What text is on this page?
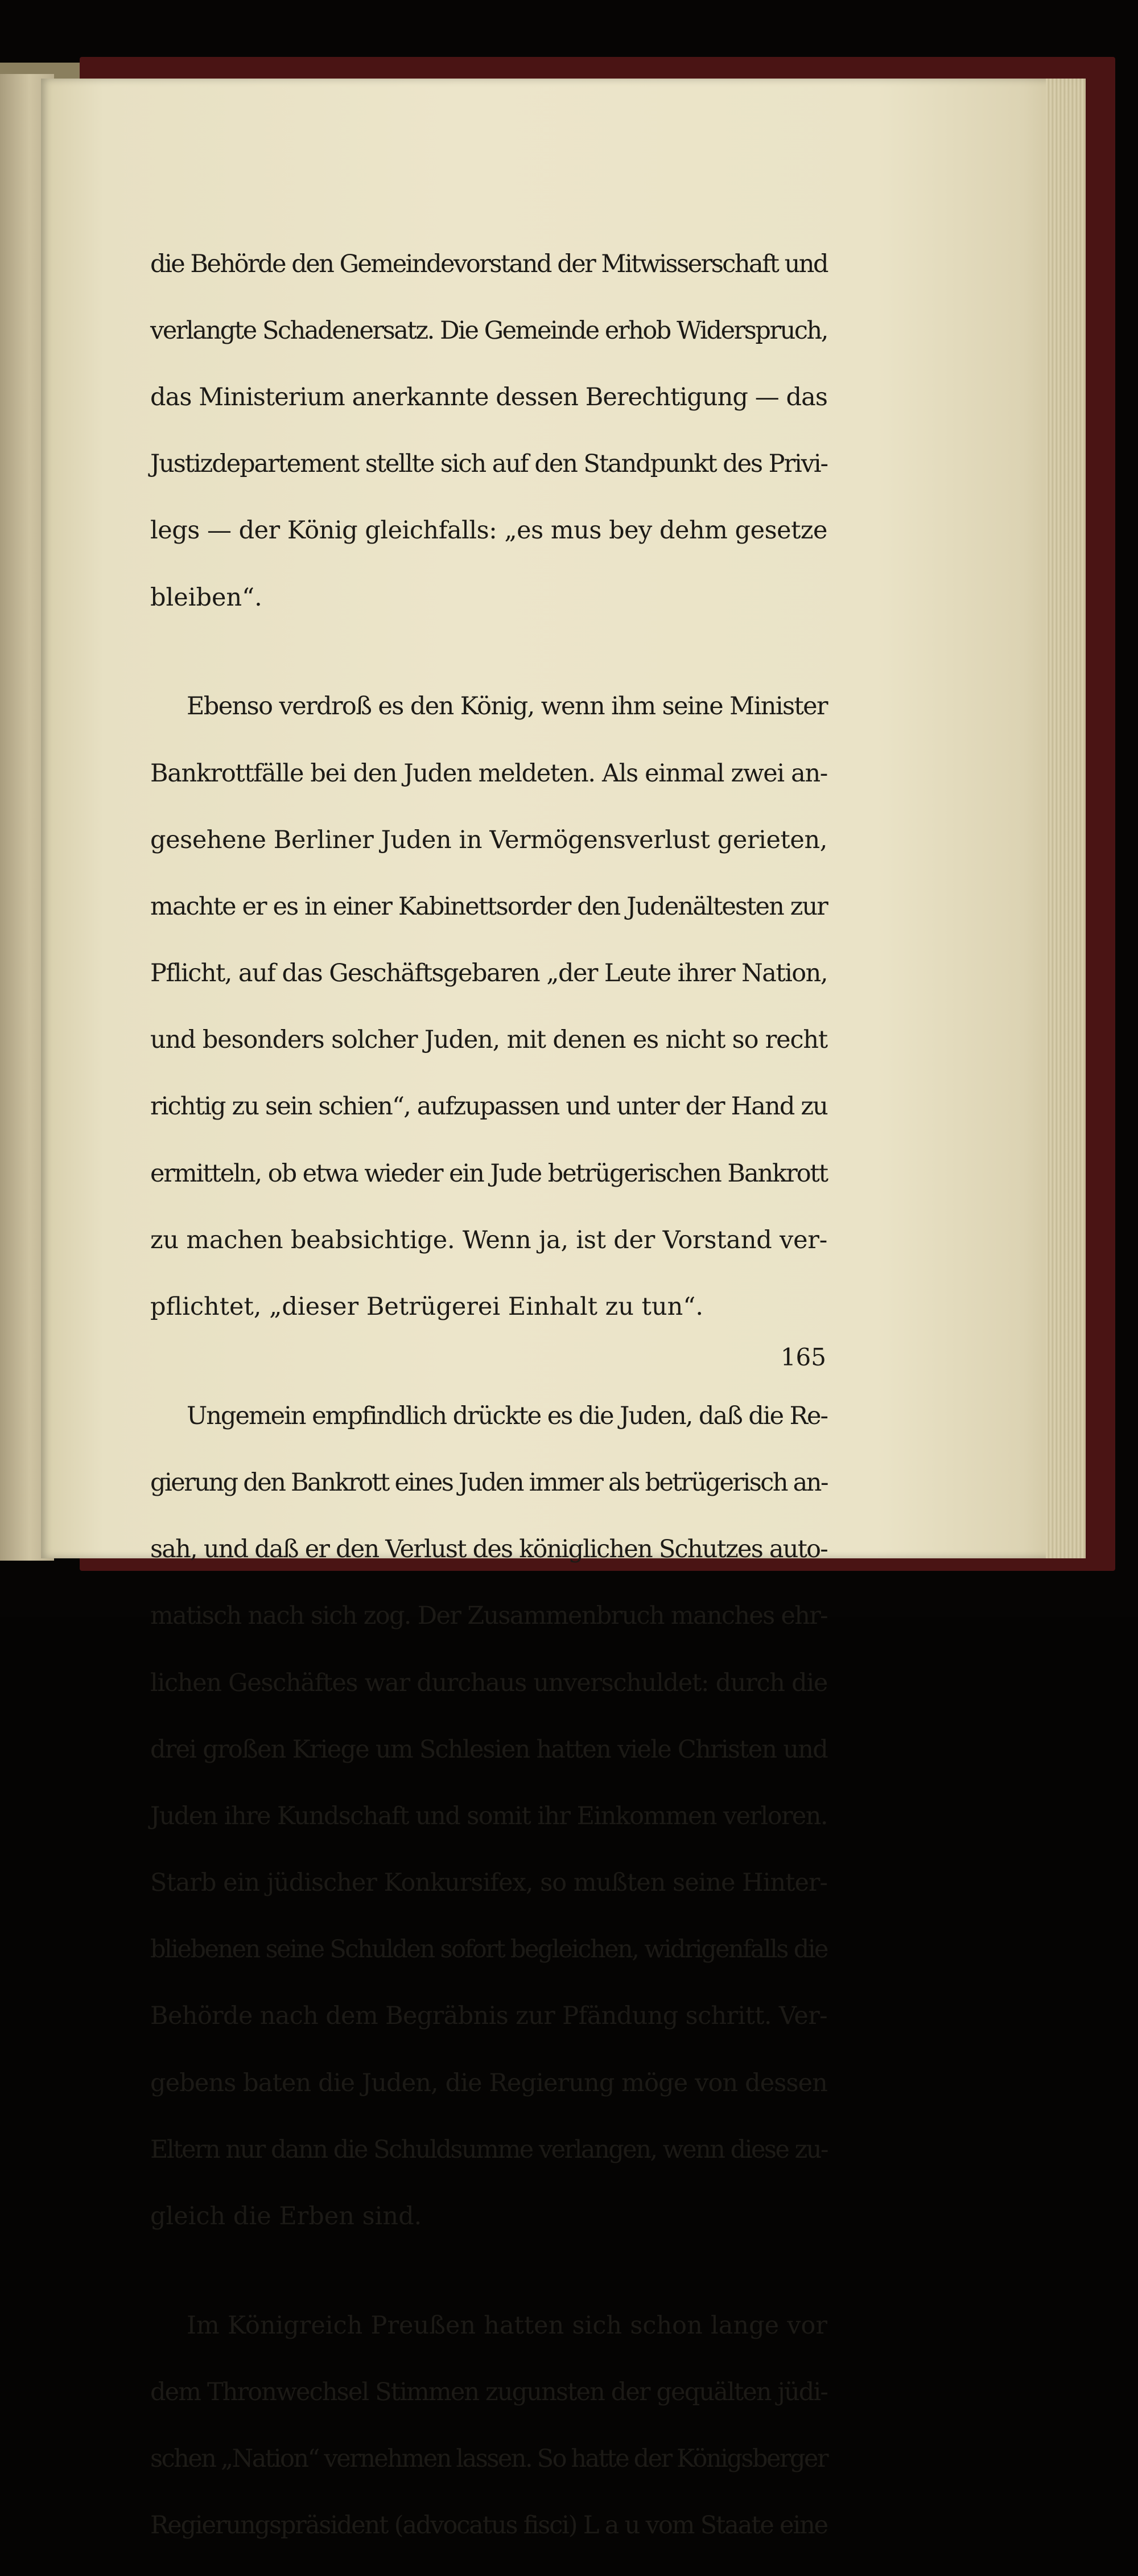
die Behörde den Gemeindevorstand der Mitwisserschaft und

verlangte Schadenersatz. Die Gemeinde erhob Widerspruch,

das Ministerium anerkannte dessen Berechtigung — das

Justizdepartement stellte sich auf den Standpunkt des Privi-

legs — der König gleichfalls: „es mus bey dehm gesetze

bleiben“.

Ebenso verdroß es den König, wenn ihm seine Minister

Bankrottfälle bei den Juden meldeten. Als einmal zwei an-

gesehene Berliner Juden in Vermögensverlust gerieten,

machte er es in einer Kabinettsorder den Judenältesten zur

Pflicht, auf das Geschäftsgebaren „der Leute ihrer Nation,

und besonders solcher Juden, mit denen es nicht so recht

richtig zu sein schien“, aufzupassen und unter der Hand zu

ermitteln, ob etwa wieder ein Jude betrügerischen Bankrott

zu machen beabsichtige. Wenn ja, ist der Vorstand ver-

pflichtet, „dieser Betrügerei Einhalt zu tun“.

Ungemein empfindlich drückte es die Juden, daß die Re-

gierung den Bankrott eines Juden immer als betrügerisch an-

sah, und daß er den Verlust des königlichen Schutzes auto-

matisch nach sich zog. Der Zusammenbruch manches ehr-

lichen Geschäftes war durchaus unverschuldet: durch die

drei großen Kriege um Schlesien hatten viele Christen und

Juden ihre Kundschaft und somit ihr Einkommen verloren.

Starb ein jüdischer Konkursifex, so mußten seine Hinter-

bliebenen seine Schulden sofort begleichen, widrigenfalls die

Behörde nach dem Begräbnis zur Pfändung schritt. Ver-

gebens baten die Juden, die Regierung möge von dessen

Eltern nur dann die Schuldsumme verlangen, wenn diese zu-

gleich die Erben sind.

Im Königreich Preußen hatten sich schon lange vor

dem Thronwechsel Stimmen zugunsten der gequälten jüdi-

schen „Nation“ vernehmen lassen. So hatte der Königsberger

Regierungspräsident (advocatus fisci) L a u vom Staate eine

165
